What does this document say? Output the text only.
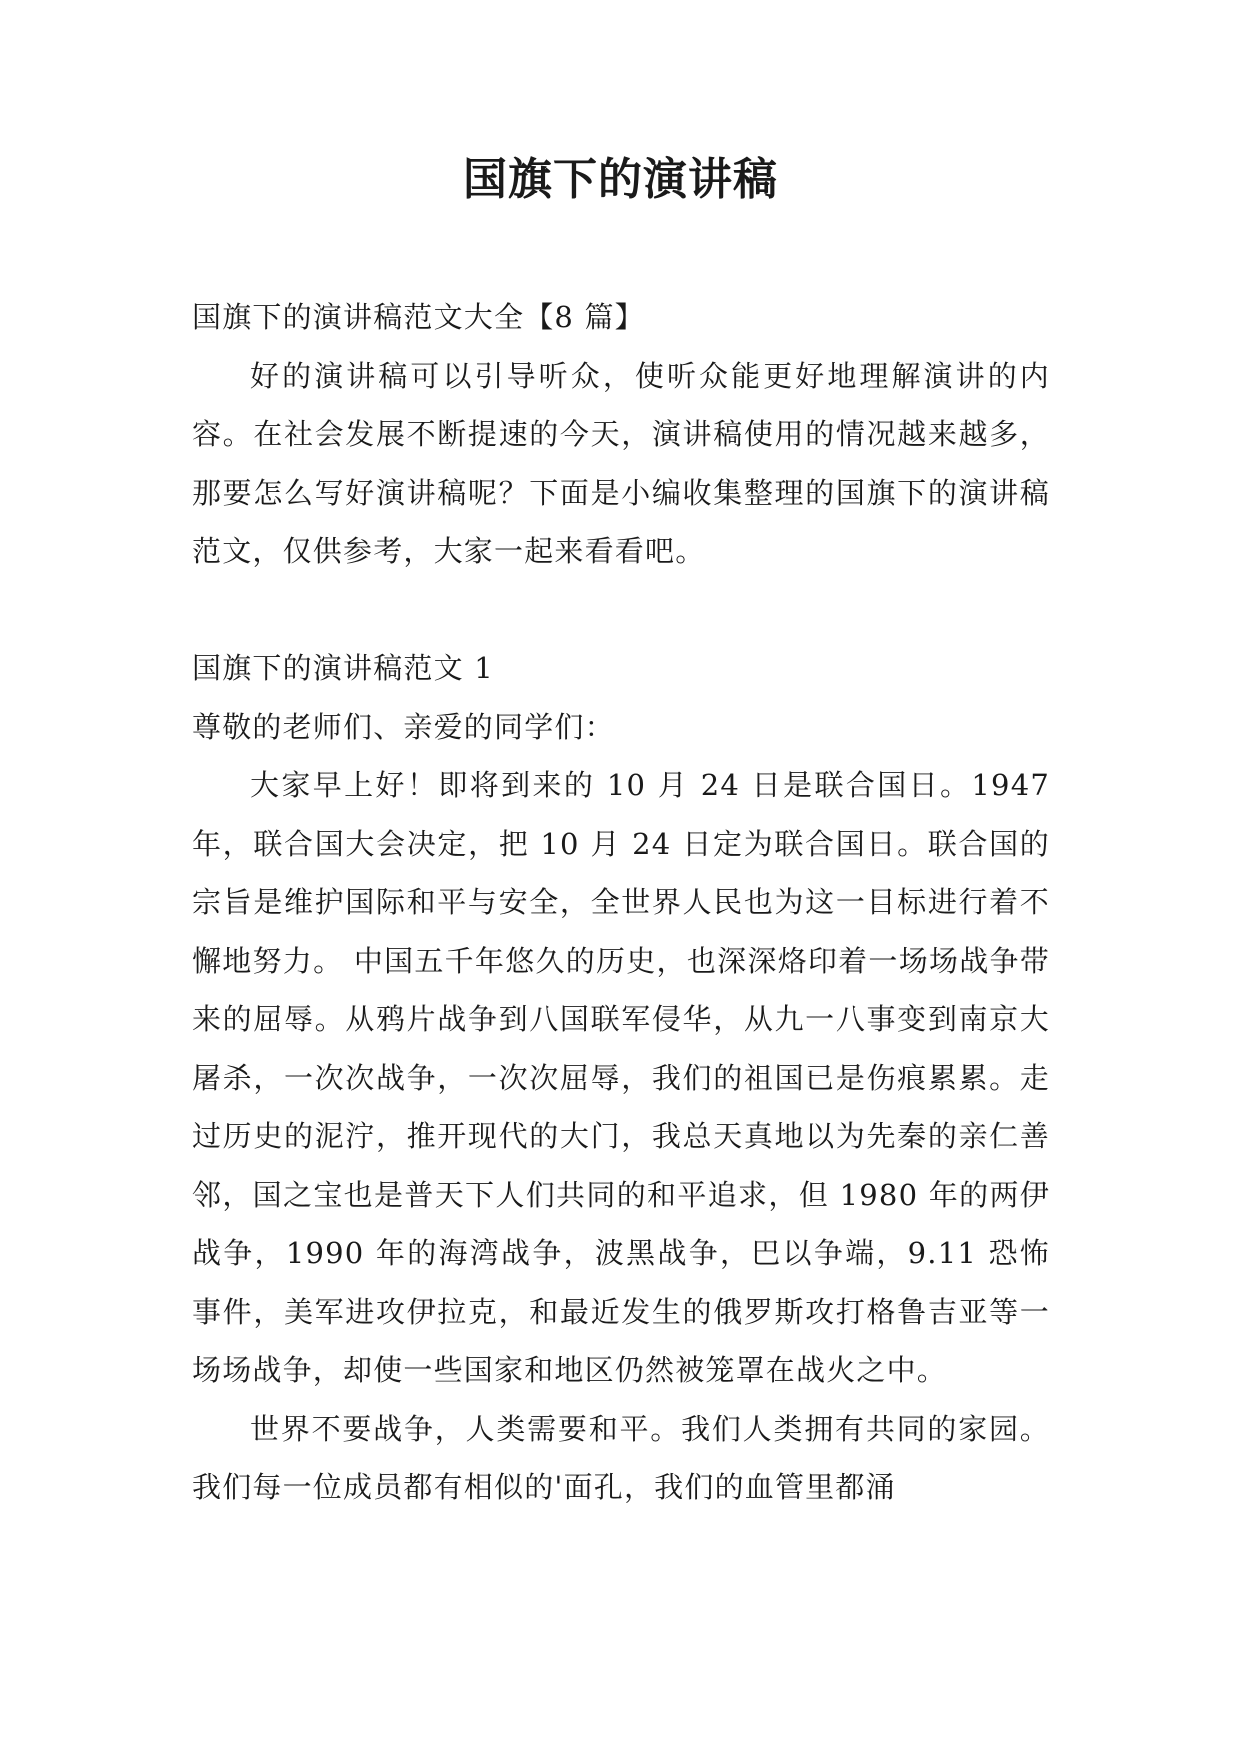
国旗下的演讲稿

国旗下的演讲稿范文大全【8 篇】

好的演讲稿可以引导听众，使听众能更好地理解演讲的内容。在社会发展不断提速的今天，演讲稿使用的情况越来越多，那要怎么写好演讲稿呢？下面是小编收集整理的国旗下的演讲稿范文，仅供参考，大家一起来看看吧。

国旗下的演讲稿范文 1

尊敬的老师们、亲爱的同学们：

大家早上好！即将到来的 10 月 24 日是联合国日。1947 年，联合国大会决定，把 10 月 24 日定为联合国日。联合国的宗旨是维护国际和平与安全，全世界人民也为这一目标进行着不懈地努力。 中国五千年悠久的历史，也深深烙印着一场场战争带来的屈辱。从鸦片战争到八国联军侵华，从九一八事变到南京大屠杀，一次次战争，一次次屈辱，我们的祖国已是伤痕累累。走过历史的泥泞，推开现代的大门，我总天真地以为先秦的亲仁善邻，国之宝也是普天下人们共同的和平追求，但 1980 年的两伊战争，1990 年的海湾战争，波黑战争，巴以争端，9.11 恐怖事件，美军进攻伊拉克，和最近发生的俄罗斯攻打格鲁吉亚等一场场战争，却使一些国家和地区仍然被笼罩在战火之中。

世界不要战争，人类需要和平。我们人类拥有共同的家园。我们每一位成员都有相似的'面孔，我们的血管里都涌
